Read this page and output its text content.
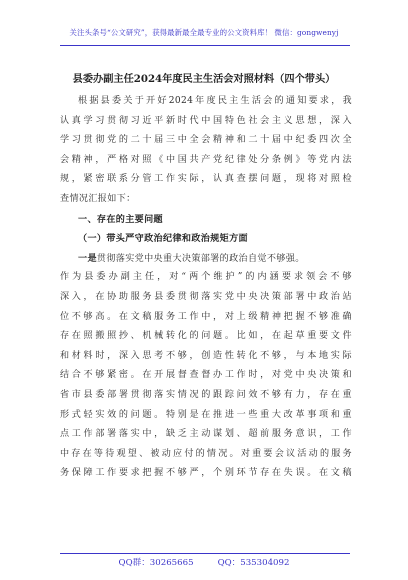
关注头条号“公文研究”，获得最新最全最专业的公文资料库！ 微信：gongwenyj
县委办副主任2024年度民主生活会对照材料（四个带头）
根据县委关于开好2024年度民主生活会的通知要求，我
认真学习贯彻习近平新时代中国特色社会主义思想，深入
学习贯彻党的二十届三中全会精神和二十届中纪委四次全
会精神，严格对照《中国共产党纪律处分条例》等党内法
规，紧密联系分管工作实际，认真查摆问题，现将对照检
查情况汇报如下：
一、存在的主要问题
（一）带头严守政治纪律和政治规矩方面
一是贯彻落实党中央重大决策部署的政治自觉不够强。
作为县委办副主任，对“两个维护”的内涵要求领会不够
深入，在协助服务县委贯彻落实党中央决策部署中政治站
位不够高。在文稿服务工作中，对上级精神把握不够准确
存在照搬照抄、机械转化的问题。比如，在起草重要文件
和材料时，深入思考不够，创造性转化不够，与本地实际
结合不够紧密。在开展督查督办工作时，对党中央决策和
省市县委部署贯彻落实情况的跟踪问效不够有力，存在重
形式轻实效的问题。特别是在推进一些重大改革事项和重
点工作部署落实中，缺乏主动谋划、超前服务意识，工作
中存在等待观望、被动应付的情况。对重要会议活动的服务
务保障工作要求把握不够严，个别环节存在失误。在文稿
QQ群：30265665	QQ：535304092
